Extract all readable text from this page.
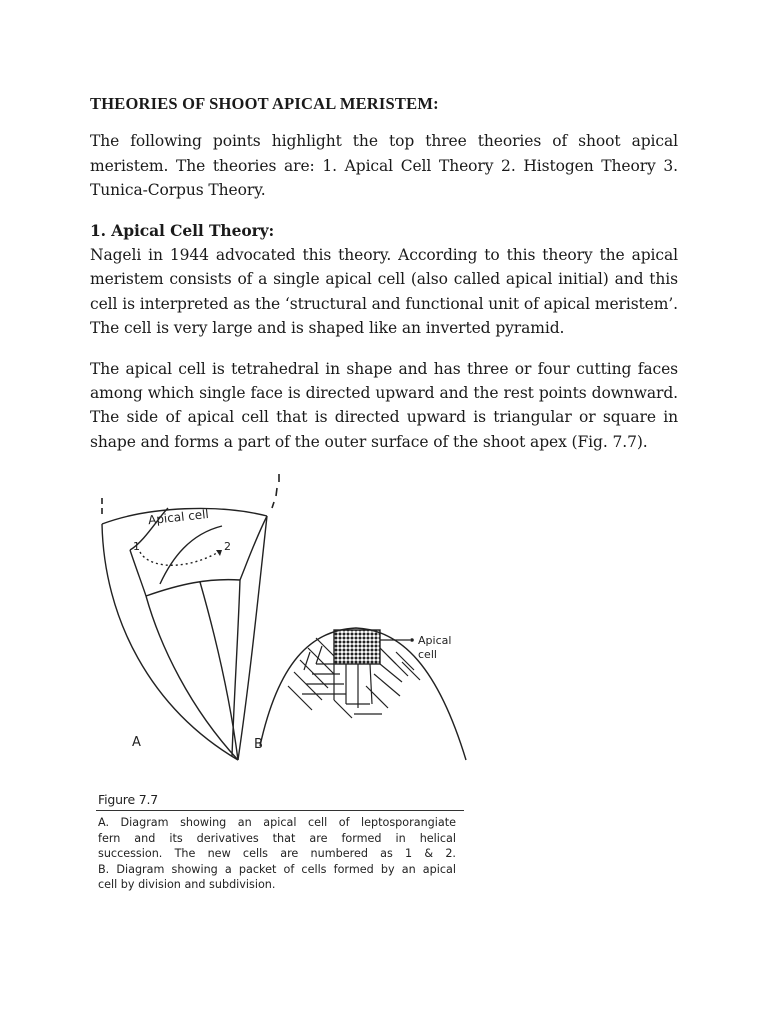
THEORIES OF SHOOT APICAL MERISTEM:

The following points highlight the top three theories of shoot apical meristem. The theories are: 1. Apical Cell Theory 2. Histogen Theory 3. Tunica-Corpus Theory.

1. Apical Cell Theory:

Nageli in 1944 advocated this theory. According to this theory the apical meristem consists of a single apical cell (also called apical initial) and this cell is interpreted as the ‘structural and functional unit of apical meristem’. The cell is very large and is shaped like an inverted pyramid.

The apical cell is tetrahedral in shape and has three or four cutting faces among which single face is directed upward and the rest points downward. The side of apical cell that is directed upward is triangular or square in shape and forms a part of the outer surface of the shoot apex (Fig. 7.7).

Apical cell
1	2
A
Apical
cell
B
Figure 7.7
A. Diagram showing an apical cell of leptosporangiate
fern and its derivatives that are formed in helical
succession. The new cells are numbered as 1 & 2.
B. Diagram showing a packet of cells formed by an apical
cell by division and subdivision.
